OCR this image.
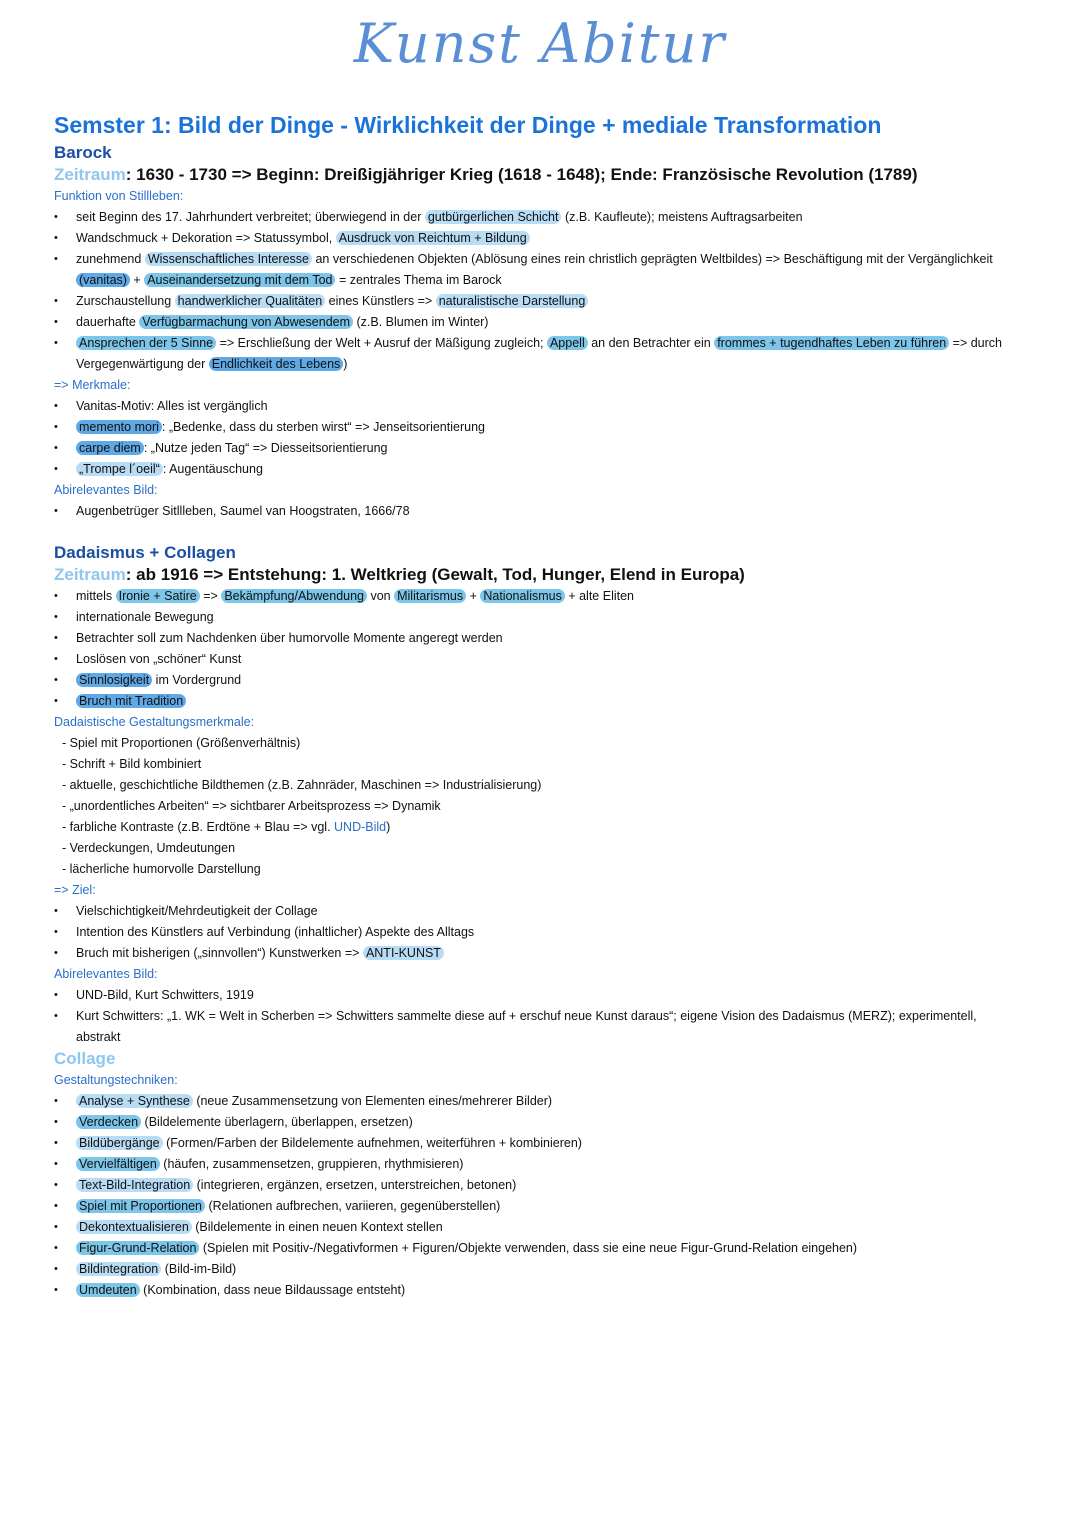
Kunst Abitur
Semster 1: Bild der Dinge - Wirklichkeit der Dinge + mediale Transformation
Barock
Zeitraum: 1630 - 1730 => Beginn: Dreißigjähriger Krieg (1618 - 1648); Ende: Französische Revolution (1789)
Funktion von Stillleben:
• seit Beginn des 17. Jahrhundert verbreitet; überwiegend in der gutbürgerlichen Schicht (z.B. Kaufleute); meistens Auftragsarbeiten
• Wandschmuck + Dekoration => Statussymbol, Ausdruck von Reichtum + Bildung
• zunehmend Wissenschaftliches Interesse an verschiedenen Objekten (Ablösung eines rein christlich geprägten Weltbildes) => Beschäftigung mit der Vergänglichkeit
(vanitas) + Auseinandersetzung mit dem Tod = zentrales Thema im Barock
• Zurschaustellung handwerklicher Qualitäten eines Künstlers => naturalistische Darstellung
• dauerhafte Verfügbarmachung von Abwesendem (z.B. Blumen im Winter)
• Ansprechen der 5 Sinne => Erschließung der Welt + Ausruf der Mäßigung zugleich; Appell an den Betrachter ein frommes + tugendhaftes Leben zu führen => durch
Vergegenwärtigung der Endlichkeit des Lebens )
=> Merkmale:
• Vanitas-Motiv: Alles ist vergänglich
• memento mori : „Bedenke, dass du sterben wirst“ => Jenseitsorientierung
• carpe diem : „Nutze jeden Tag“ => Diesseitsorientierung
• „Trompe l´oeil“ : Augentäuschung
Abirelevantes Bild:
• Augenbetrüger Sitllleben, Saumel van Hoogstraten, 1666/78
Dadaismus + Collagen
Zeitraum: ab 1916 => Entstehung: 1. Weltkrieg (Gewalt, Tod, Hunger, Elend in Europa)
• mittels Ironie + Satire => Bekämpfung/Abwendung von Militarismus + Nationalismus + alte Eliten
• internationale Bewegung
• Betrachter soll zum Nachdenken über humorvolle Momente angeregt werden
• Loslösen von „schöner“ Kunst
• Sinnlosigkeit im Vordergrund
• Bruch mit Tradition
Dadaistische Gestaltungsmerkmale:
- Spiel mit Proportionen (Größenverhältnis)
- Schrift + Bild kombiniert
- aktuelle, geschichtliche Bildthemen (z.B. Zahnräder, Maschinen => Industrialisierung)
- „unordentliches Arbeiten“ => sichtbarer Arbeitsprozess => Dynamik
- farbliche Kontraste (z.B. Erdtöne + Blau => vgl. UND-Bild)
- Verdeckungen, Umdeutungen
- lächerliche humorvolle Darstellung
=> Ziel:
• Vielschichtigkeit/Mehrdeutigkeit der Collage
• Intention des Künstlers auf Verbindung (inhaltlicher) Aspekte des Alltags
• Bruch mit bisherigen („sinnvollen“) Kunstwerken => ANTI-KUNST
Abirelevantes Bild:
• UND-Bild, Kurt Schwitters, 1919
• Kurt Schwitters: „1. WK = Welt in Scherben => Schwitters sammelte diese auf + erschuf neue Kunst daraus“; eigene Vision des Dadaismus (MERZ); experimentell,
abstrakt
Collage
Gestaltungstechniken:
• Analyse + Synthese (neue Zusammensetzung von Elementen eines/mehrerer Bilder)
• Verdecken (Bildelemente überlagern, überlappen, ersetzen)
• Bildübergänge (Formen/Farben der Bildelemente aufnehmen, weiterführen + kombinieren)
• Vervielfältigen (häufen, zusammensetzen, gruppieren, rhythmisieren)
• Text-Bild-Integration (integrieren, ergänzen, ersetzen, unterstreichen, betonen)
• Spiel mit Proportionen (Relationen aufbrechen, variieren, gegenüberstellen)
• Dekontextualisieren (Bildelemente in einen neuen Kontext stellen
• Figur-Grund-Relation (Spielen mit Positiv-/Negativformen + Figuren/Objekte verwenden, dass sie eine neue Figur-Grund-Relation eingehen)
• Bildintegration (Bild-im-Bild)
• Umdeuten (Kombination, dass neue Bildaussage entsteht)
